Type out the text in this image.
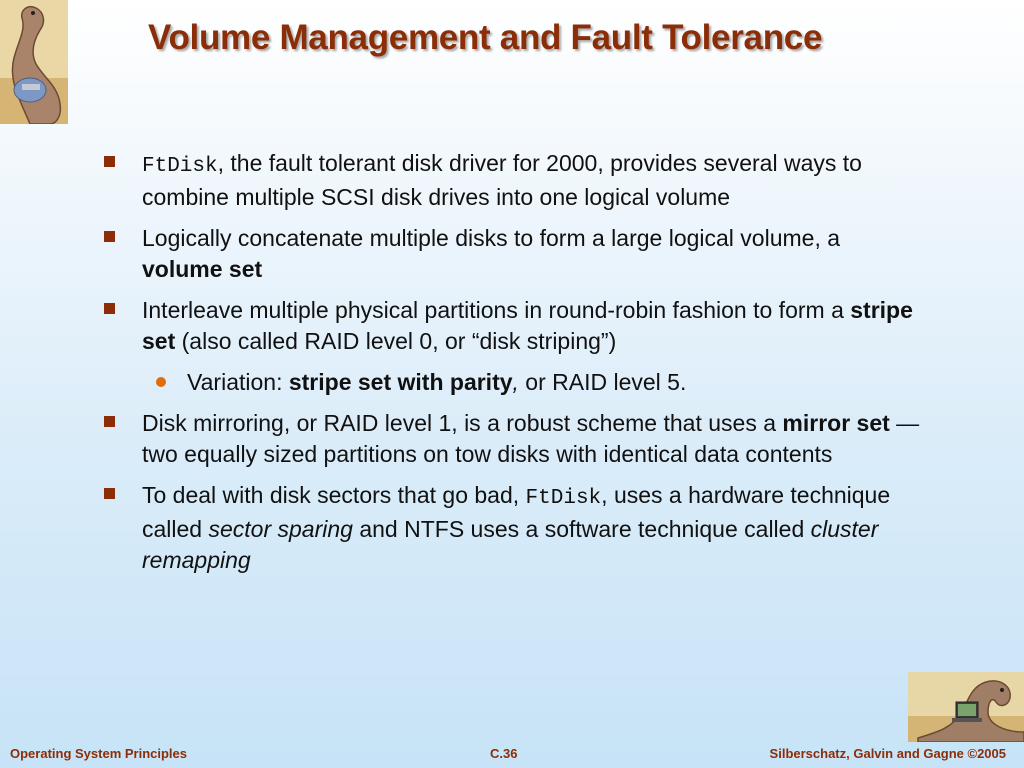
Volume Management and Fault Tolerance
FtDisk, the fault tolerant disk driver for 2000, provides several ways to combine multiple SCSI disk drives into one logical volume
Logically concatenate multiple disks to form a large logical volume, a volume set
Interleave multiple physical partitions in round-robin fashion to form a stripe set (also called RAID level 0, or “disk striping”)
Variation: stripe set with parity, or RAID level 5.
Disk mirroring, or RAID level 1, is a robust scheme that uses a mirror set — two equally sized partitions on tow disks with identical data contents
To deal with disk sectors that go bad, FtDisk, uses a hardware technique called sector sparing and NTFS uses a software technique called cluster remapping
Operating System Principles	C.36	Silberschatz, Galvin and Gagne ©2005
